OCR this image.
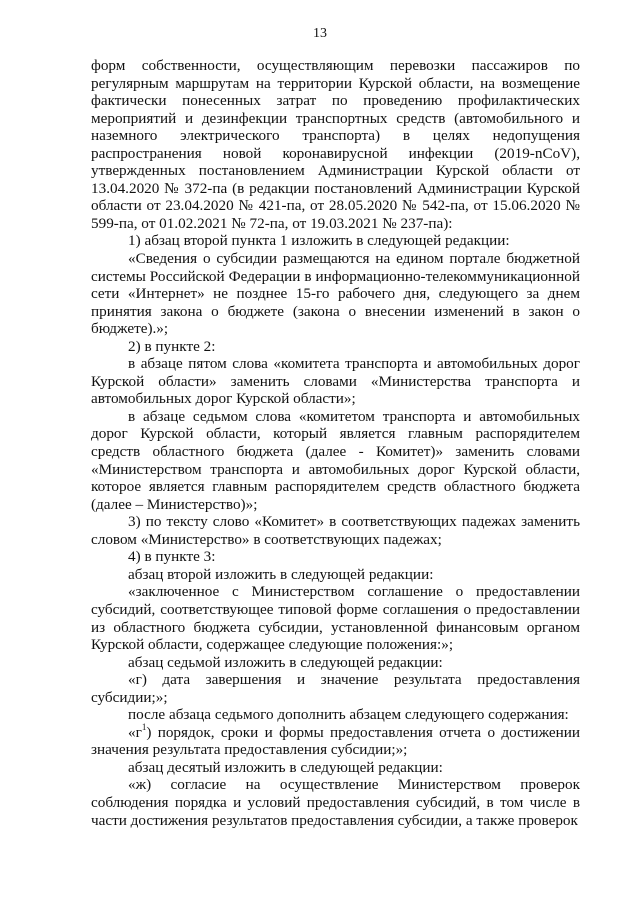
13

форм собственности, осуществляющим перевозки пассажиров по регулярным маршрутам на территории Курской области, на возмещение фактически понесенных затрат по проведению профилактических мероприятий и дезинфекции транспортных средств (автомобильного и наземного электрического транспорта) в целях недопущения распространения новой коронавирусной инфекции (2019-nCoV), утвержденных постановлением Администрации Курской области от 13.04.2020 № 372-па (в редакции постановлений Администрации Курской области от 23.04.2020 № 421-па, от 28.05.2020 № 542-па, от 15.06.2020 № 599-па, от 01.02.2021 № 72-па, от 19.03.2021 № 237-па):

1) абзац второй пункта 1 изложить в следующей редакции:

«Сведения о субсидии размещаются на едином портале бюджетной системы Российской Федерации в информационно-телекоммуникационной сети «Интернет» не позднее 15-го рабочего дня, следующего за днем принятия закона о бюджете (закона о внесении изменений в закон о бюджете).»;

2) в пункте 2:

в абзаце пятом слова «комитета транспорта и автомобильных дорог Курской области» заменить словами «Министерства транспорта и автомобильных дорог Курской области»;

в абзаце седьмом слова «комитетом транспорта и автомобильных дорог Курской области, который является главным распорядителем средств областного бюджета (далее - Комитет)» заменить словами «Министерством транспорта и автомобильных дорог Курской области, которое является главным распорядителем средств областного бюджета (далее – Министерство)»;

3) по тексту слово «Комитет» в соответствующих падежах заменить словом «Министерство» в соответствующих падежах;

4) в пункте 3:

абзац второй изложить в следующей редакции:

«заключенное с Министерством соглашение о предоставлении субсидий, соответствующее типовой форме соглашения о предоставлении из областного бюджета субсидии, установленной финансовым органом Курской области, содержащее следующие положения:»;

абзац седьмой изложить в следующей редакции:

«г) дата завершения и значение результата предоставления субсидии;»;

после абзаца седьмого дополнить абзацем следующего содержания:

«$г^1$) порядок, сроки и формы предоставления отчета о достижении значения результата предоставления субсидии;»;

абзац десятый изложить в следующей редакции:

«ж) согласие на осуществление Министерством проверок соблюдения порядка и условий предоставления субсидий, в том числе в части достижения результатов предоставления субсидии, а также проверок
